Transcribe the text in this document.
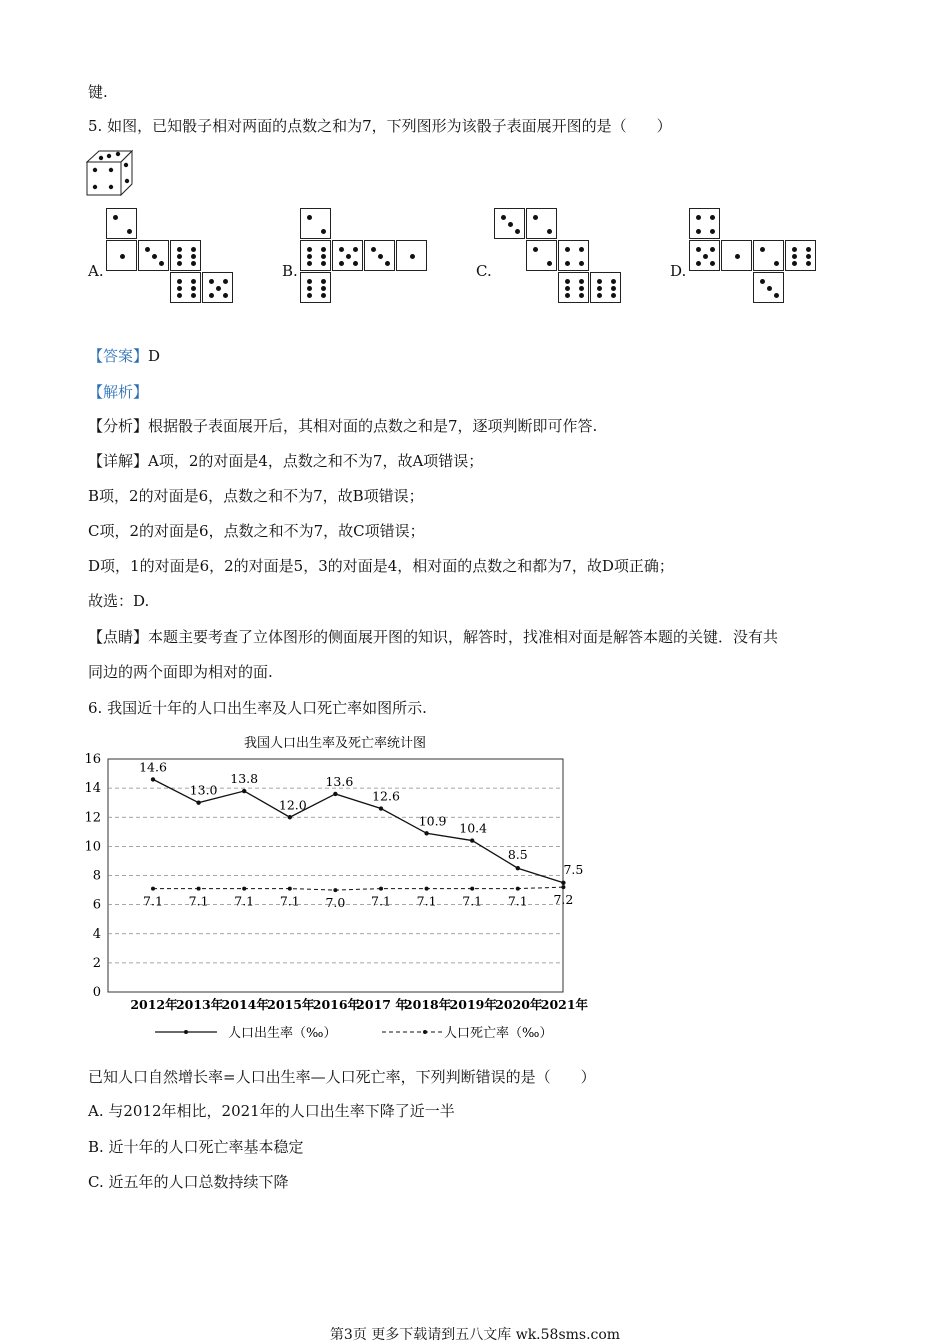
键.
5. 如图，已知骰子相对两面的点数之和为7，下列图形为该骰子表面展开图的是（　　）
A.	B.	C.	D.
【答案】D
【解析】
【分析】根据骰子表面展开后，其相对面的点数之和是7，逐项判断即可作答.
【详解】A项，2的对面是4，点数之和不为7，故A项错误；
B项，2的对面是6，点数之和不为7，故B项错误；
C项，2的对面是6，点数之和不为7，故C项错误；
D项，1的对面是6，2的对面是5，3的对面是4，相对面的点数之和都为7，故D项正确；
故选：D.
【点睛】本题主要考查了立体图形的侧面展开图的知识，解答时，找准相对面是解答本题的关键．没有共
同边的两个面即为相对的面.
6. 我国近十年的人口出生率及人口死亡率如图所示.
我国人口出生率及死亡率统计图
0
2
4
6
8
10
12
14
16
2012年
2013年
2014年
2015年
2016年
2017 年
2018年
2019年
2020年
2021年
14.6
13.0
13.8
12.0
13.6
12.6
10.9 10.4
8.5
7.5
7.1 7.1 7.1 7.1 7.0 7.1 7.1 7.1 7.1 7.2
人口出生率（‰）	人口死亡率（‰）
已知人口自然增长率=人口出生率—人口死亡率，下列判断错误的是（　　）
A. 与2012年相比，2021年的人口出生率下降了近一半
B. 近十年的人口死亡率基本稳定
C. 近五年的人口总数持续下降
第3页 更多下载请到五八文库 wk.58sms.com
